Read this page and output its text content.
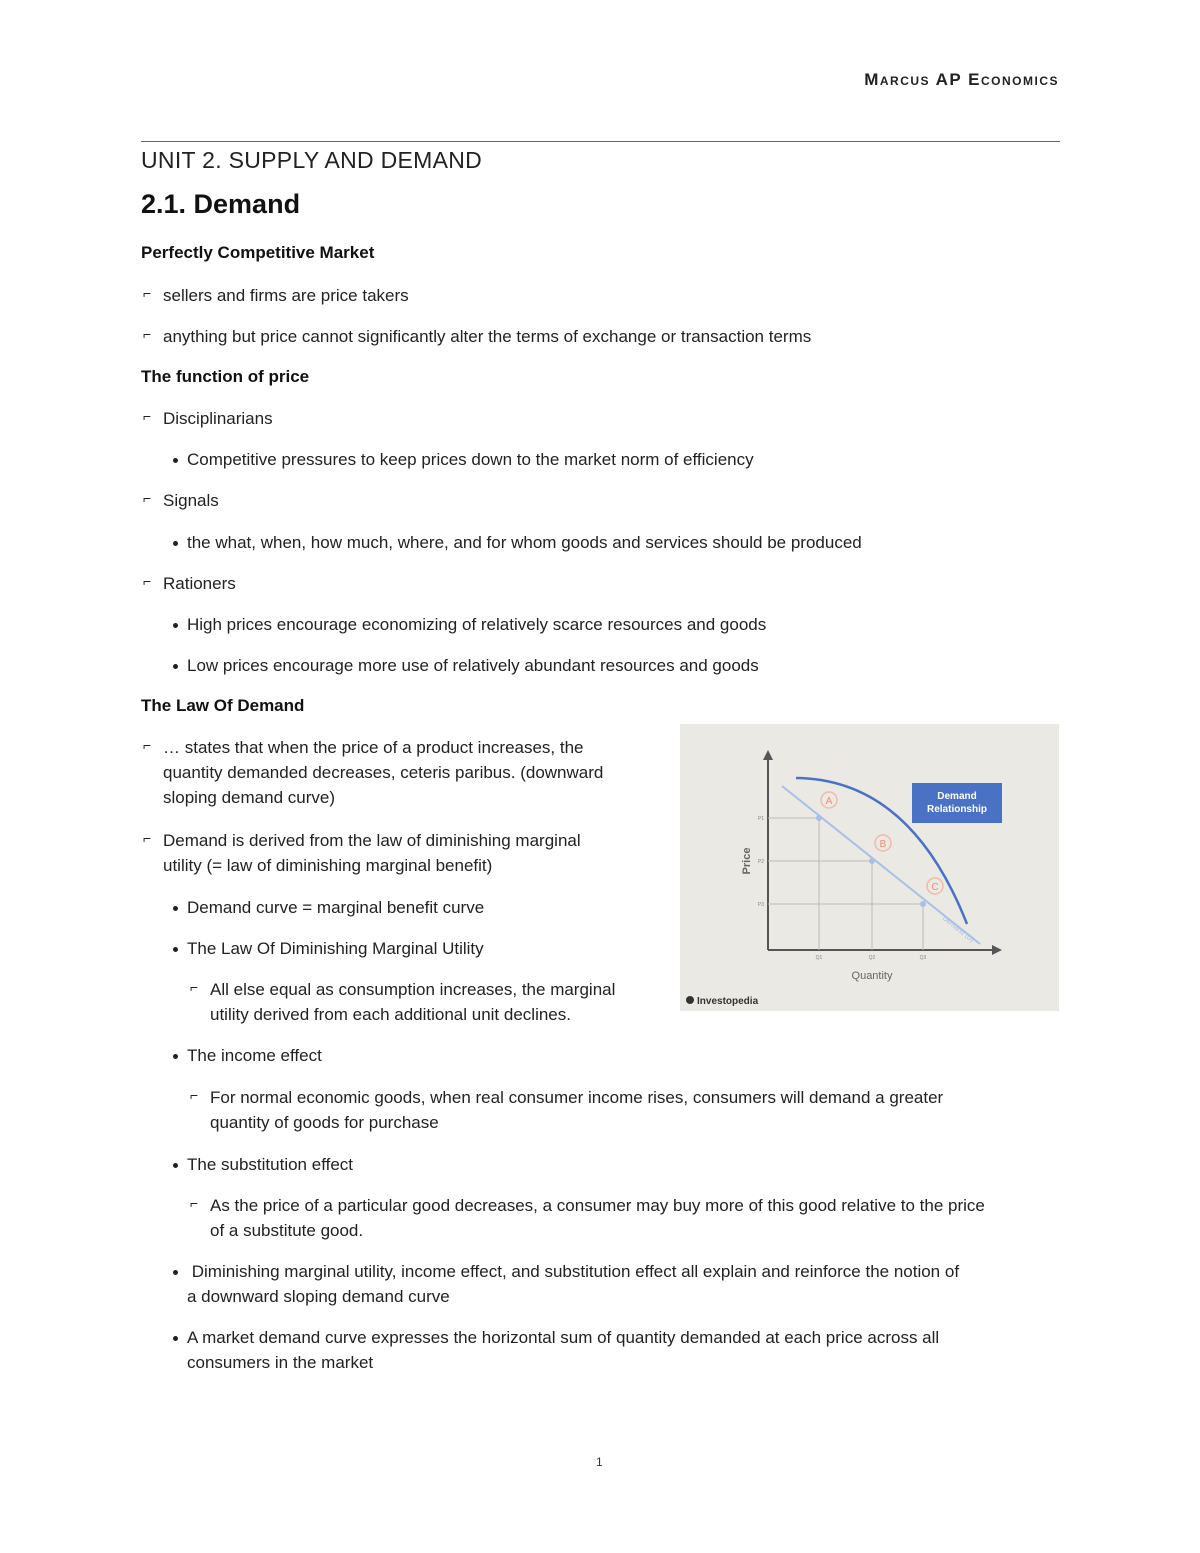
Marcus AP Economics
UNIT 2. SUPPLY AND DEMAND
2.1. Demand
Perfectly Competitive Market
⌐ sellers and firms are price takers
⌐ anything but price cannot significantly alter the terms of exchange or transaction terms
The function of price
⌐ Disciplinarians
Competitive pressures to keep prices down to the market norm of efficiency
⌐ Signals
the what, when, how much, where, and for whom goods and services should be produced
⌐ Rationers
High prices encourage economizing of relatively scarce resources and goods
Low prices encourage more use of relatively abundant resources and goods
The Law Of Demand
⌐ … states that when the price of a product increases, the
quantity demanded decreases, ceteris paribus. (downward
sloping demand curve)
⌐ Demand is derived from the law of diminishing marginal
utility (= law of diminishing marginal benefit)
Demand curve = marginal benefit curve
The Law Of Diminishing Marginal Utility
⌐ All else equal as consumption increases, the marginal
utility derived from each additional unit declines.
The income effect
⌐ For normal economic goods, when real consumer income rises, consumers will demand a greater
quantity of goods for purchase
The substitution effect
⌐ As the price of a particular good decreases, a consumer may buy more of this good relative to the price
of a substitute good.
Diminishing marginal utility, income effect, and substitution effect all explain and reinforce the notion of
a downward sloping demand curve
A market demand curve expresses the horizontal sum of quantity demanded at each price across all
consumers in the market
A
B
C
Demand
Relationship
Demand (D)
P1
P2
P3
Q1	Q2	Q3
Quantity
Price
Investopedia
1
